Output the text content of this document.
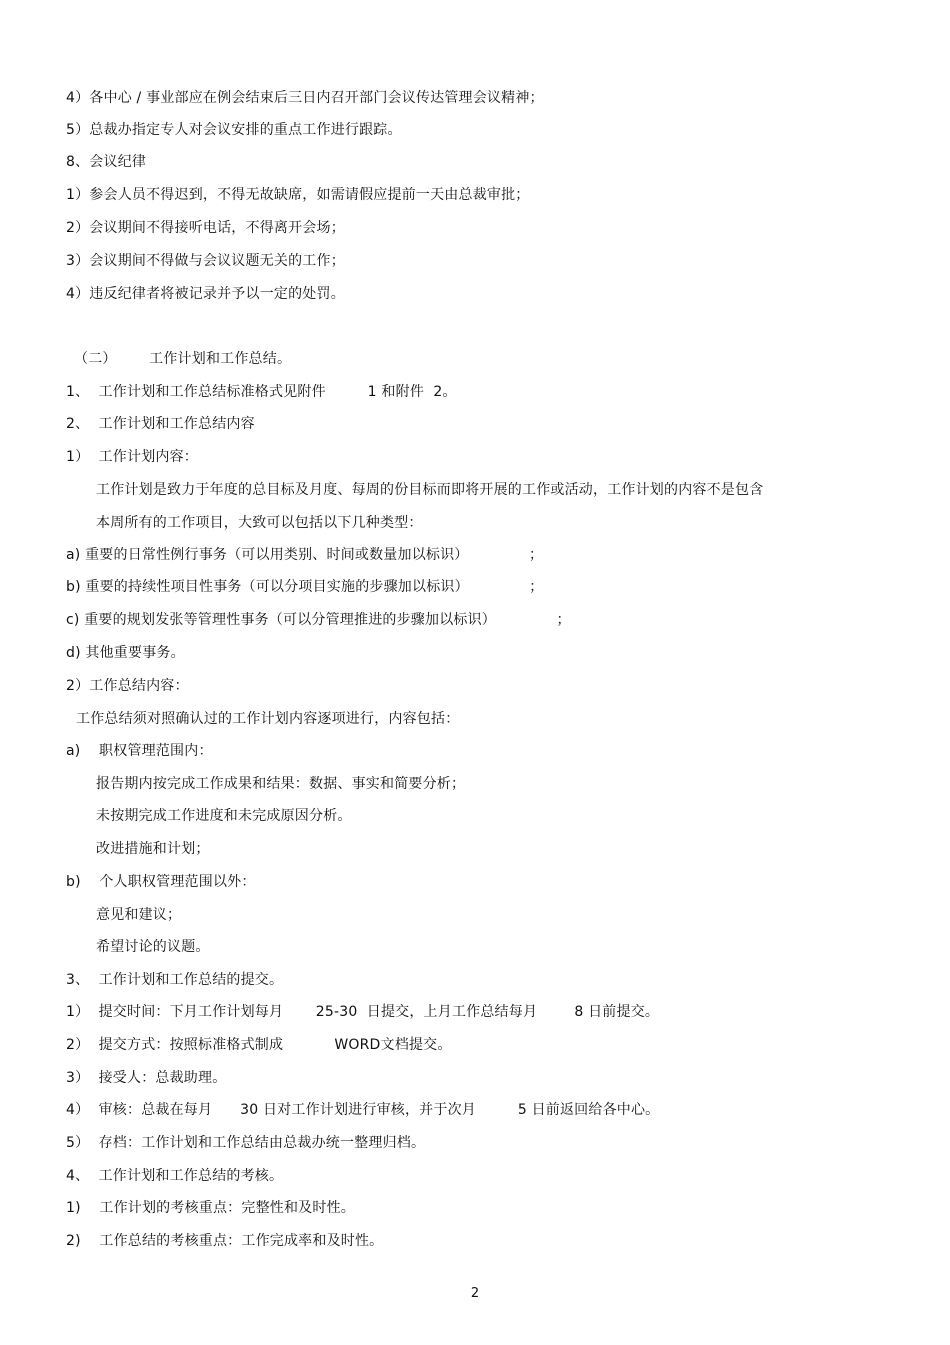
4）各中心 / 事业部应在例会结束后三日内召开部门会议传达管理会议精神；
5）总裁办指定专人对会议安排的重点工作进行跟踪。
8、会议纪律
1）参会人员不得迟到，不得无故缺席，如需请假应提前一天由总裁审批；
2）会议期间不得接听电话，不得离开会场；
3）会议期间不得做与会议议题无关的工作；
4）违反纪律者将被记录并予以一定的处罚。
（二）       工作计划和工作总结。
1、  工作计划和工作总结标准格式见附件         1 和附件  2。
2、  工作计划和工作总结内容
1）  工作计划内容：
工作计划是致力于年度的总目标及月度、每周的份目标而即将开展的工作或活动，工作计划的内容不是包含
本周所有的工作项目，大致可以包括以下几种类型：
a) 重要的日常性例行事务（可以用类别、时间或数量加以标识）             ；
b) 重要的持续性项目性事务（可以分项目实施的步骤加以标识）             ；
c) 重要的规划发张等管理性事务（可以分管理推进的步骤加以标识）             ；
d) 其他重要事务。
2）工作总结内容：
工作总结须对照确认过的工作计划内容逐项进行，内容包括：
a)    职权管理范围内：
报告期内按完成工作成果和结果：数据、事实和简要分析；
未按期完成工作进度和未完成原因分析。
改进措施和计划；
b)    个人职权管理范围以外：
意见和建议；
希望讨论的议题。
3、  工作计划和工作总结的提交。
1）  提交时间：下月工作计划每月       25-30  日提交，上月工作总结每月        8 日前提交。
2）  提交方式：按照标准格式制成           WORD文档提交。
3）  接受人：总裁助理。
4）  审核：总裁在每月      30 日对工作计划进行审核，并于次月         5 日前返回给各中心。
5）  存档：工作计划和工作总结由总裁办统一整理归档。
4、  工作计划和工作总结的考核。
1)    工作计划的考核重点：完整性和及时性。
2)    工作总结的考核重点：工作完成率和及时性。
2
